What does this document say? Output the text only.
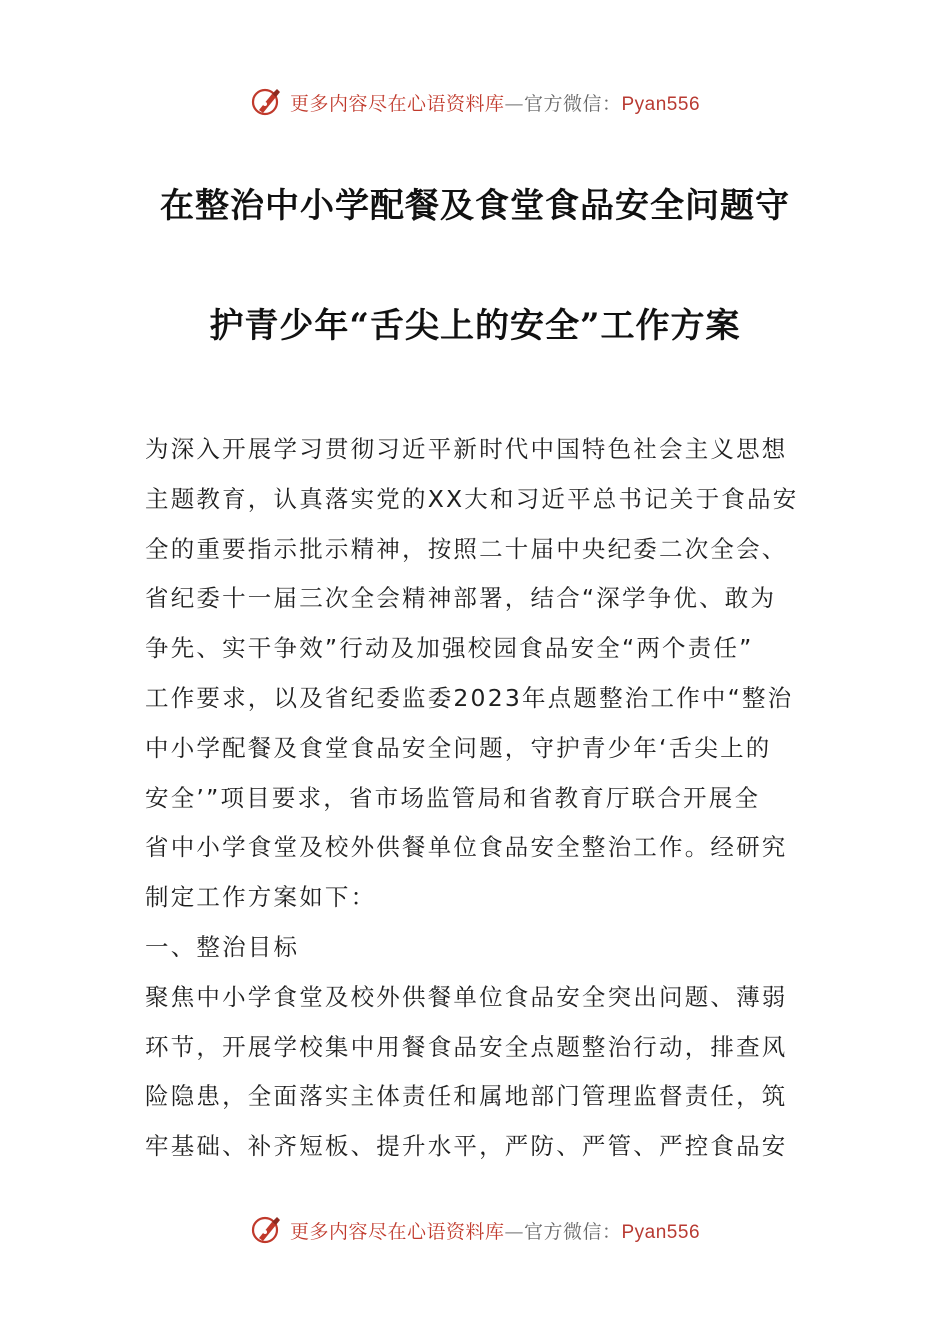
更多内容尽在心语资料库—官方微信：Pyan556
在整治中小学配餐及食堂食品安全问题守
护青少年“舌尖上的安全”工作方案
为深入开展学习贯彻习近平新时代中国特色社会主义思想
主题教育，认真落实党的XX大和习近平总书记关于食品安
全的重要指示批示精神，按照二十届中央纪委二次全会、
省纪委十一届三次全会精神部署，结合“深学争优、敢为
争先、实干争效”行动及加强校园食品安全“两个责任”
工作要求，以及省纪委监委2023年点题整治工作中“整治
中小学配餐及食堂食品安全问题，守护青少年‘舌尖上的
安全’”项目要求，省市场监管局和省教育厅联合开展全
省中小学食堂及校外供餐单位食品安全整治工作。经研究
制定工作方案如下：
一、整治目标
聚焦中小学食堂及校外供餐单位食品安全突出问题、薄弱
环节，开展学校集中用餐食品安全点题整治行动，排查风
险隐患，全面落实主体责任和属地部门管理监督责任，筑
牢基础、补齐短板、提升水平，严防、严管、严控食品安
更多内容尽在心语资料库—官方微信：Pyan556
